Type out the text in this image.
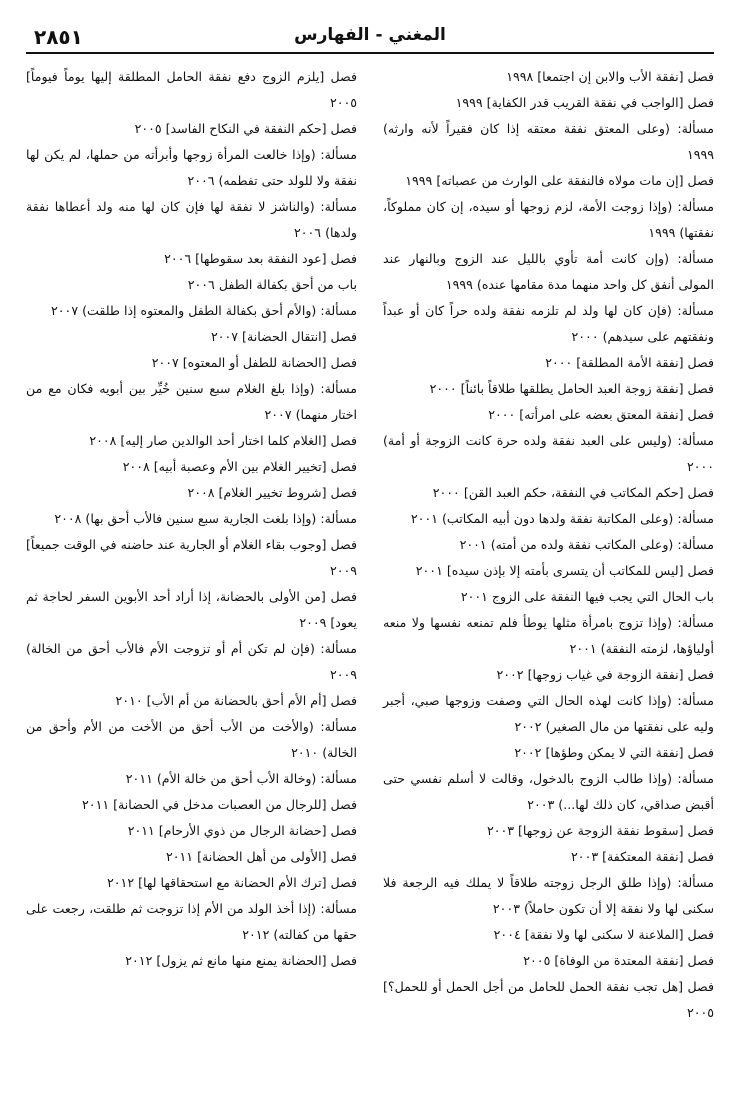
٢٨٥١	المغني-الفهارس

فصل [نفقة الأب والابن إن اجتمعا] ١٩٩٨

فصل [الواجب في نفقة القريب قدر الكفاية] ١٩٩٩

مسألة: (وعلى المعتق نفقة معتقه إذا كان فقيراً لأنه وارثه) ١٩٩٩

فصل [إن مات مولاه فالنفقة على الوارث من عصباته] ١٩٩٩

مسألة: (وإذا زوجت الأمة، لزم زوجها أو سيده، إن كان مملوكاً، نفقتها) ١٩٩٩

مسألة: (وإن كانت أمة تأوي بالليل عند الزوج وبالنهار عند المولى أنفق كل واحد منهما مدة مقامها عنده) ١٩٩٩

مسألة: (فإن كان لها ولد لم تلزمه نفقة ولده حراً كان أو عبداً ونفقتهم على سيدهم) ٢٠٠٠

فصل [نفقة الأمة المطلقة] ٢٠٠٠

فصل [نفقة زوجة العبد الحامل يطلقها طلاقاً بائناً] ٢٠٠٠

فصل [نفقة المعتق بعضه على امرأته] ٢٠٠٠

مسألة: (وليس على العبد نفقة ولده حرة كانت الزوجة أو أمة) ٢٠٠٠

فصل [حكم المكاتب في النفقة، حكم العبد القن] ٢٠٠٠

مسألة: (وعلى المكاتبة نفقة ولدها دون أبيه المكاتب) ٢٠٠١

مسألة: (وعلى المكاتب نفقة ولده من أمته) ٢٠٠١

فصل [ليس للمكاتب أن يتسرى بأمته إلا بإذن سيده] ٢٠٠١

باب الحال التي يجب فيها النفقة على الزوج ٢٠٠١

مسألة: (وإذا تزوج بامرأة مثلها يوطأ فلم تمنعه نفسها ولا منعه أولياؤها، لزمته النفقة) ٢٠٠١

فصل [نفقة الزوجة في غياب زوجها] ٢٠٠٢

مسألة: (وإذا كانت لهذه الحال التي وصفت وزوجها صبي، أجبر وليه على نفقتها من مال الصغير) ٢٠٠٢

فصل [نفقة التي لا يمكن وطؤها] ٢٠٠٢

مسألة: (وإذا طالب الزوج بالدخول، وقالت لا أسلم نفسي حتى أقبض صداقي، كان ذلك لها...) ٢٠٠٣

فصل [سقوط نفقة الزوجة عن زوجها] ٢٠٠٣

فصل [نفقة المعتكفة] ٢٠٠٣

مسألة: (وإذا طلق الرجل زوجته طلاقاً لا يملك فيه الرجعة فلا سكنى لها ولا نفقة إلا أن تكون حاملاً) ٢٠٠٣

فصل [الملاعنة لا سكنى لها ولا نفقة] ٢٠٠٤

فصل [نفقة المعتدة من الوفاة] ٢٠٠٥

فصل [هل تجب نفقة الحمل للحامل من أجل الحمل أو للحمل؟] ٢٠٠٥

فصل [يلزم الزوج دفع نفقة الحامل المطلقة إليها يوماً فيوماً] ٢٠٠٥

فصل [حكم النفقة في النكاح الفاسد] ٢٠٠٥

مسألة: (وإذا خالعت المرأة زوجها وأبرأته من حملها، لم يكن لها نفقة ولا للولد حتى تفطمه) ٢٠٠٦

مسألة: (والناشز لا نفقة لها فإن كان لها منه ولد أعطاها نفقة ولدها) ٢٠٠٦

فصل [عود النفقة بعد سقوطها] ٢٠٠٦

باب من أحق بكفالة الطفل ٢٠٠٦

مسألة: (والأم أحق بكفالة الطفل والمعتوه إذا طلقت) ٢٠٠٧

فصل [انتقال الحضانة] ٢٠٠٧

فصل [الحضانة للطفل أو المعتوه] ٢٠٠٧

مسألة: (وإذا بلغ الغلام سبع سنين خُيِّر بين أبويه فكان مع من اختار منهما) ٢٠٠٧

فصل [الغلام كلما اختار أحد الوالدين صار إليه] ٢٠٠٨

فصل [تخيير الغلام بين الأم وعصبة أبيه] ٢٠٠٨

فصل [شروط تخيير الغلام] ٢٠٠٨

مسألة: (وإذا بلغت الجارية سبع سنين فالأب أحق بها) ٢٠٠٨

فصل [وجوب بقاء الغلام أو الجارية عند حاضنه في الوقت جميعاً] ٢٠٠٩

فصل [من الأولى بالحضانة، إذا أراد أحد الأبوين السفر لحاجة ثم يعود] ٢٠٠٩

مسألة: (فإن لم تكن أم أو تزوجت الأم فالأب أحق من الخالة) ٢٠٠٩

فصل [أم الأم أحق بالحضانة من أم الأب] ٢٠١٠

مسألة: (والأخت من الأب أحق من الأخت من الأم وأحق من الخالة) ٢٠١٠

مسألة: (وخالة الأب أحق من خالة الأم) ٢٠١١

فصل [للرجال من العصبات مدخل في الحضانة] ٢٠١١

فصل [حضانة الرجال من ذوي الأرحام] ٢٠١١

فصل [الأولى من أهل الحضانة] ٢٠١١

فصل [ترك الأم الحضانة مع استحقاقها لها] ٢٠١٢

مسألة: (إذا أخذ الولد من الأم إذا تزوجت ثم طلقت، رجعت على حقها من كفالته) ٢٠١٢

فصل [الحضانة يمنع منها مانع ثم يزول] ٢٠١٢
